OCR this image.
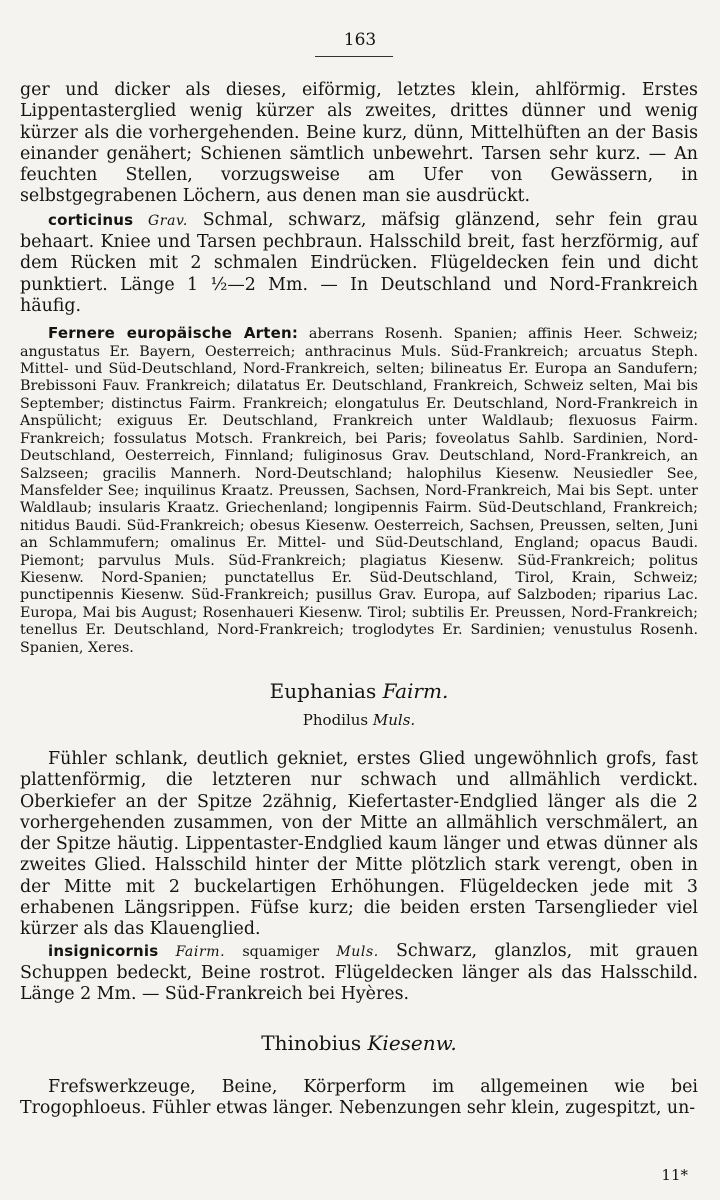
163

ger und dicker als dieses, eiförmig, letztes klein, ahlförmig. Erstes Lippentasterglied wenig kürzer als zweites, drittes dünner und wenig kürzer als die vorhergehenden. Beine kurz, dünn, Mittelhüften an der Basis einander genähert; Schienen sämtlich unbewehrt. Tarsen sehr kurz. — An feuchten Stellen, vorzugsweise am Ufer von Gewässern, in selbstgegrabenen Löchern, aus denen man sie ausdrückt.

corticinus Grav. Schmal, schwarz, mäfsig glänzend, sehr fein grau behaart. Kniee und Tarsen pechbraun. Halsschild breit, fast herzförmig, auf dem Rücken mit 2 schmalen Eindrücken. Flügeldecken fein und dicht punktiert. Länge 1 ½—2 Mm. — In Deutschland und Nord-Frankreich häufig.

Fernere europäische Arten: aberrans Rosenh. Spanien; affinis Heer. Schweiz; angustatus Er. Bayern, Oesterreich; anthracinus Muls. Süd-Frankreich; arcuatus Steph. Mittel- und Süd-Deutschland, Nord-Frankreich, selten; bilineatus Er. Europa an Sandufern; Brebissoni Fauv. Frankreich; dilatatus Er. Deutschland, Frankreich, Schweiz selten, Mai bis September; distinctus Fairm. Frankreich; elongatulus Er. Deutschland, Nord-Frankreich in Anspülicht; exiguus Er. Deutschland, Frankreich unter Waldlaub; flexuosus Fairm. Frankreich; fossulatus Motsch. Frankreich, bei Paris; foveolatus Sahlb. Sardinien, Nord-Deutschland, Oesterreich, Finnland; fuliginosus Grav. Deutschland, Nord-Frankreich, an Salzseen; gracilis Mannerh. Nord-Deutschland; halophilus Kiesenw. Neusiedler See, Mansfelder See; inquilinus Kraatz. Preussen, Sachsen, Nord-Frankreich, Mai bis Sept. unter Waldlaub; insularis Kraatz. Griechenland; longipennis Fairm. Süd-Deutschland, Frankreich; nitidus Baudi. Süd-Frankreich; obesus Kiesenw. Oesterreich, Sachsen, Preussen, selten, Juni an Schlammufern; omalinus Er. Mittel- und Süd-Deutschland, England; opacus Baudi. Piemont; parvulus Muls. Süd-Frankreich; plagiatus Kiesenw. Süd-Frankreich; politus Kiesenw. Nord-Spanien; punctatellus Er. Süd-Deutschland, Tirol, Krain, Schweiz; punctipennis Kiesenw. Süd-Frankreich; pusillus Grav. Europa, auf Salzboden; riparius Lac. Europa, Mai bis August; Rosenhaueri Kiesenw. Tirol; subtilis Er. Preussen, Nord-Frankreich; tenellus Er. Deutschland, Nord-Frankreich; troglodytes Er. Sardinien; venustulus Rosenh. Spanien, Xeres.

Euphanias Fairm.

Phodilus Muls.

Fühler schlank, deutlich gekniet, erstes Glied ungewöhnlich grofs, fast plattenförmig, die letzteren nur schwach und allmählich verdickt. Oberkiefer an der Spitze 2zähnig, Kiefertaster-Endglied länger als die 2 vorhergehenden zusammen, von der Mitte an allmählich verschmälert, an der Spitze häutig. Lippentaster-Endglied kaum länger und etwas dünner als zweites Glied. Halsschild hinter der Mitte plötzlich stark verengt, oben in der Mitte mit 2 buckelartigen Erhöhungen. Flügeldecken jede mit 3 erhabenen Längsrippen. Füfse kurz; die beiden ersten Tarsenglieder viel kürzer als das Klauenglied.

insignicornis Fairm. squamiger Muls. Schwarz, glanzlos, mit grauen Schuppen bedeckt, Beine rostrot. Flügeldecken länger als das Halsschild. Länge 2 Mm. — Süd-Frankreich bei Hyères.

Thinobius Kiesenw.

Frefswerkzeuge, Beine, Körperform im allgemeinen wie bei Trogophloeus. Fühler etwas länger. Nebenzungen sehr klein, zugespitzt, un-

11*
